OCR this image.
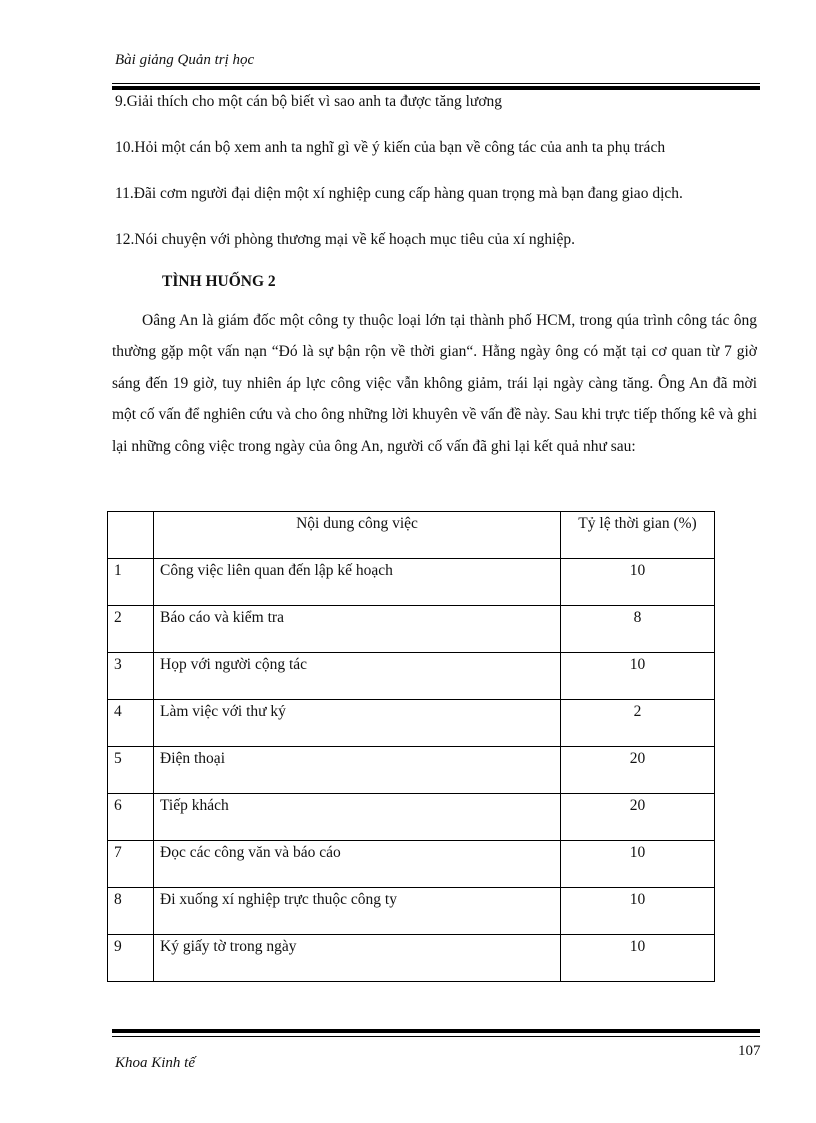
Bài giảng Quản trị học
9.Giải thích cho một cán bộ biết vì sao anh ta được tăng lương
10.Hỏi một cán bộ xem anh ta nghĩ gì về ý kiến của bạn về công tác của anh ta phụ trách
11.Đãi cơm người đại diện một xí nghiệp cung cấp hàng quan trọng mà bạn đang giao dịch.
12.Nói chuyện với phòng thương mại về kế hoạch mục tiêu của xí nghiệp.
TÌNH HUỐNG 2
Oâng An là giám đốc một công ty thuộc loại lớn tại thành phố HCM, trong qúa trình công tác ông thường gặp một vấn nạn “Đó là sự bận rộn về thời gian“. Hằng ngày ông có mặt tại cơ quan từ 7 giờ sáng đến 19 giờ, tuy nhiên áp lực công việc vẫn không giảm, trái lại ngày càng tăng. Ông An đã mời một cố vấn để nghiên cứu và cho ông những lời khuyên về vấn đề này. Sau khi trực tiếp thống kê và ghi lại những công việc trong ngày của ông An, người cố vấn đã ghi lại kết quả như sau:
	Nội dung công việc	Tỷ lệ thời gian (%)
1	Công việc liên quan đến lập kế hoạch	10
2	Báo cáo và kiểm tra	8
3	Họp với người cộng tác	10
4	Làm việc với thư ký	2
5	Điện thoại	20
6	Tiếp khách	20
7	Đọc các công văn và báo cáo	10
8	Đi xuống xí nghiệp trực thuộc công ty	10
9	Ký giấy tờ trong ngày	10
Khoa Kinh tế
107
